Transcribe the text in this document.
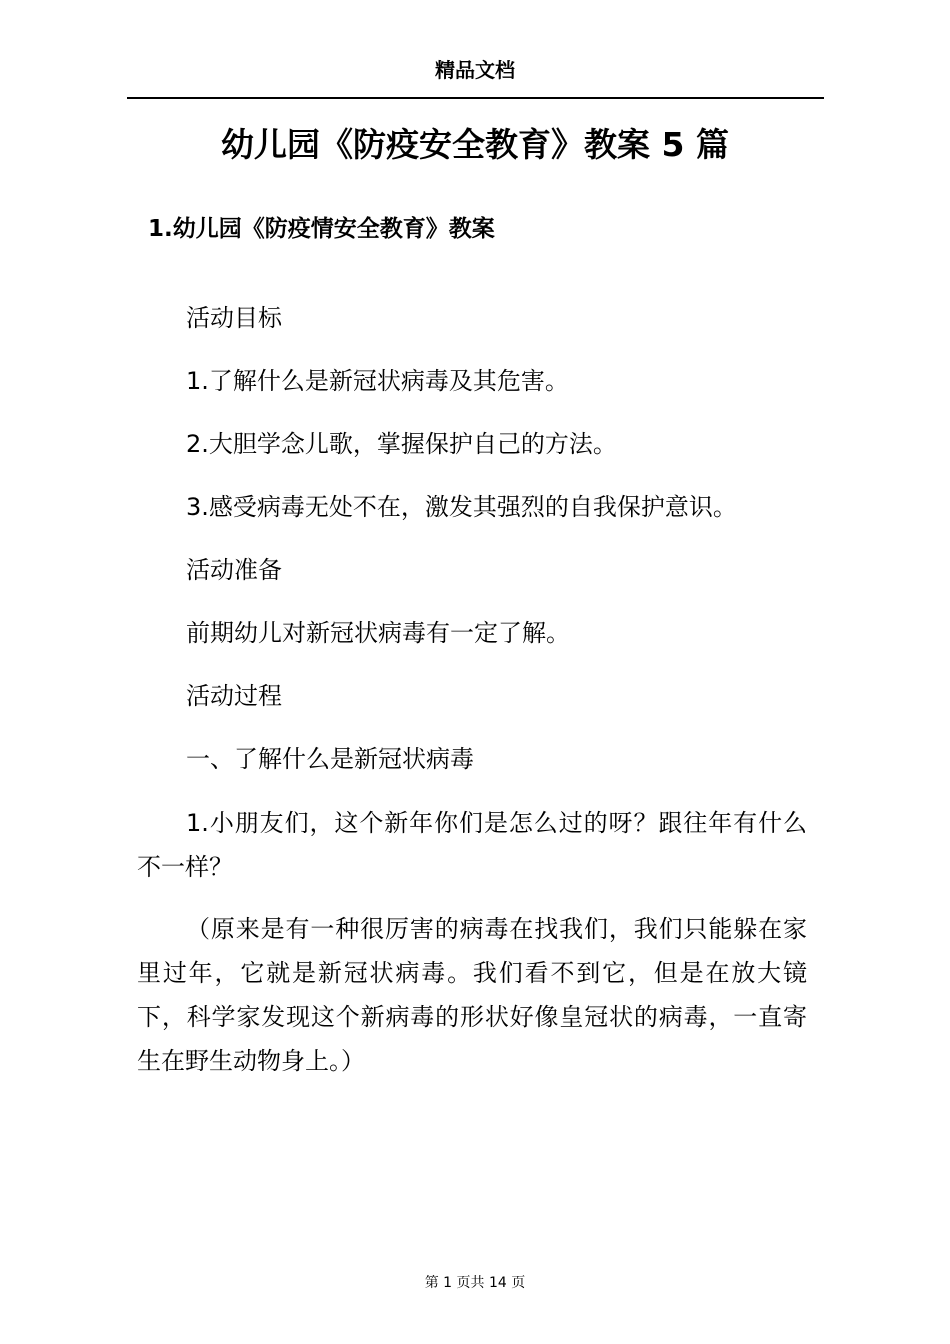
精品文档
幼儿园《防疫安全教育》教案 5 篇
1.幼儿园《防疫情安全教育》教案
活动目标
1.了解什么是新冠状病毒及其危害。
2.大胆学念儿歌，掌握保护自己的方法。
3.感受病毒无处不在，激发其强烈的自我保护意识。
活动准备
前期幼儿对新冠状病毒有一定了解。
活动过程
一、了解什么是新冠状病毒
1.小朋友们，这个新年你们是怎么过的呀？跟往年有什么不一样？
（原来是有一种很厉害的病毒在找我们，我们只能躲在家里过年，它就是新冠状病毒。我们看不到它，但是在放大镜下，科学家发现这个新病毒的形状好像皇冠状的病毒，一直寄生在野生动物身上。）
第 1 页共 14 页
